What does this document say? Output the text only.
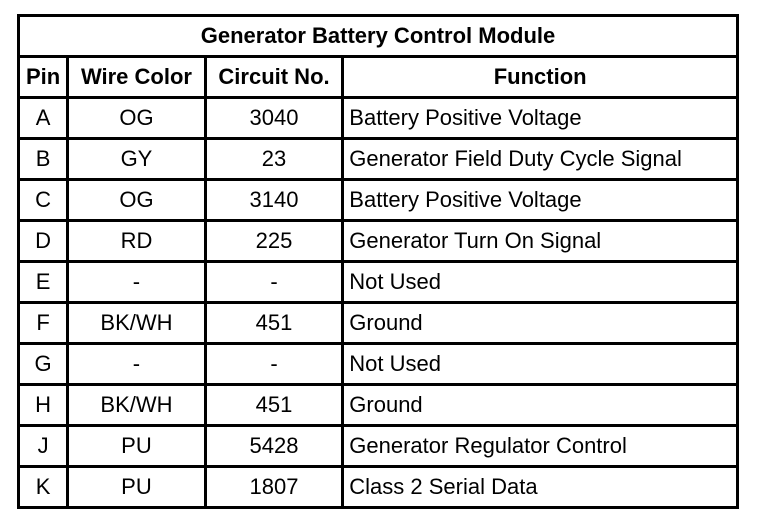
Generator Battery Control Module			
Pin	Wire Color	Circuit No.	Function
A	OG	3040	Battery Positive Voltage
B	GY	23	Generator Field Duty Cycle Signal
C	OG	3140	Battery Positive Voltage
D	RD	225	Generator Turn On Signal
E	-	-	Not Used
F	BK/WH	451	Ground
G	-	-	Not Used
H	BK/WH	451	Ground
J	PU	5428	Generator Regulator Control
K	PU	1807	Class 2 Serial Data
